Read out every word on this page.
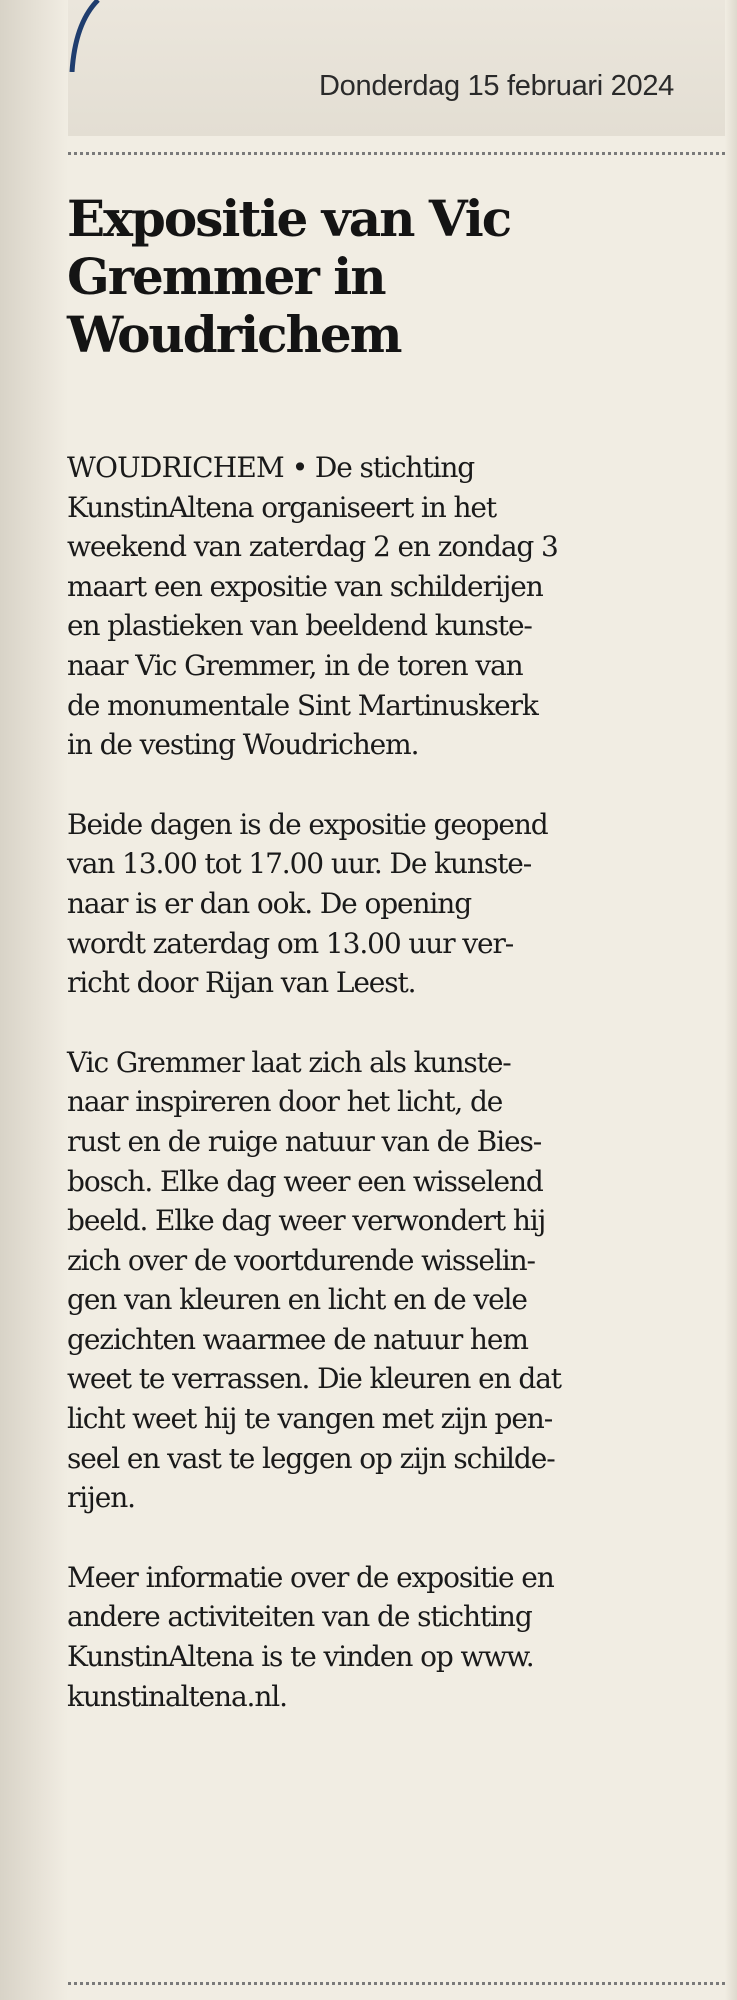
Donderdag 15 februari 2024
Expositie van Vic
Gremmer in
Woudrichem

WOUDRICHEM • De stichting
KunstinAltena organiseert in het
weekend van zaterdag 2 en zondag 3
maart een expositie van schilderijen
en plastieken van beeldend kunste-
naar Vic Gremmer, in de toren van
de monumentale Sint Martinuskerk
in de vesting Woudrichem.

Beide dagen is de expositie geopend
van 13.00 tot 17.00 uur. De kunste-
naar is er dan ook. De opening
wordt zaterdag om 13.00 uur ver-
richt door Rijan van Leest.

Vic Gremmer laat zich als kunste-
naar inspireren door het licht, de
rust en de ruige natuur van de Bies-
bosch. Elke dag weer een wisselend
beeld. Elke dag weer verwondert hij
zich over de voortdurende wisselin-
gen van kleuren en licht en de vele
gezichten waarmee de natuur hem
weet te verrassen. Die kleuren en dat
licht weet hij te vangen met zijn pen-
seel en vast te leggen op zijn schilde-
rijen.

Meer informatie over de expositie en
andere activiteiten van de stichting
KunstinAltena is te vinden op www.
kunstinaltena.nl.
